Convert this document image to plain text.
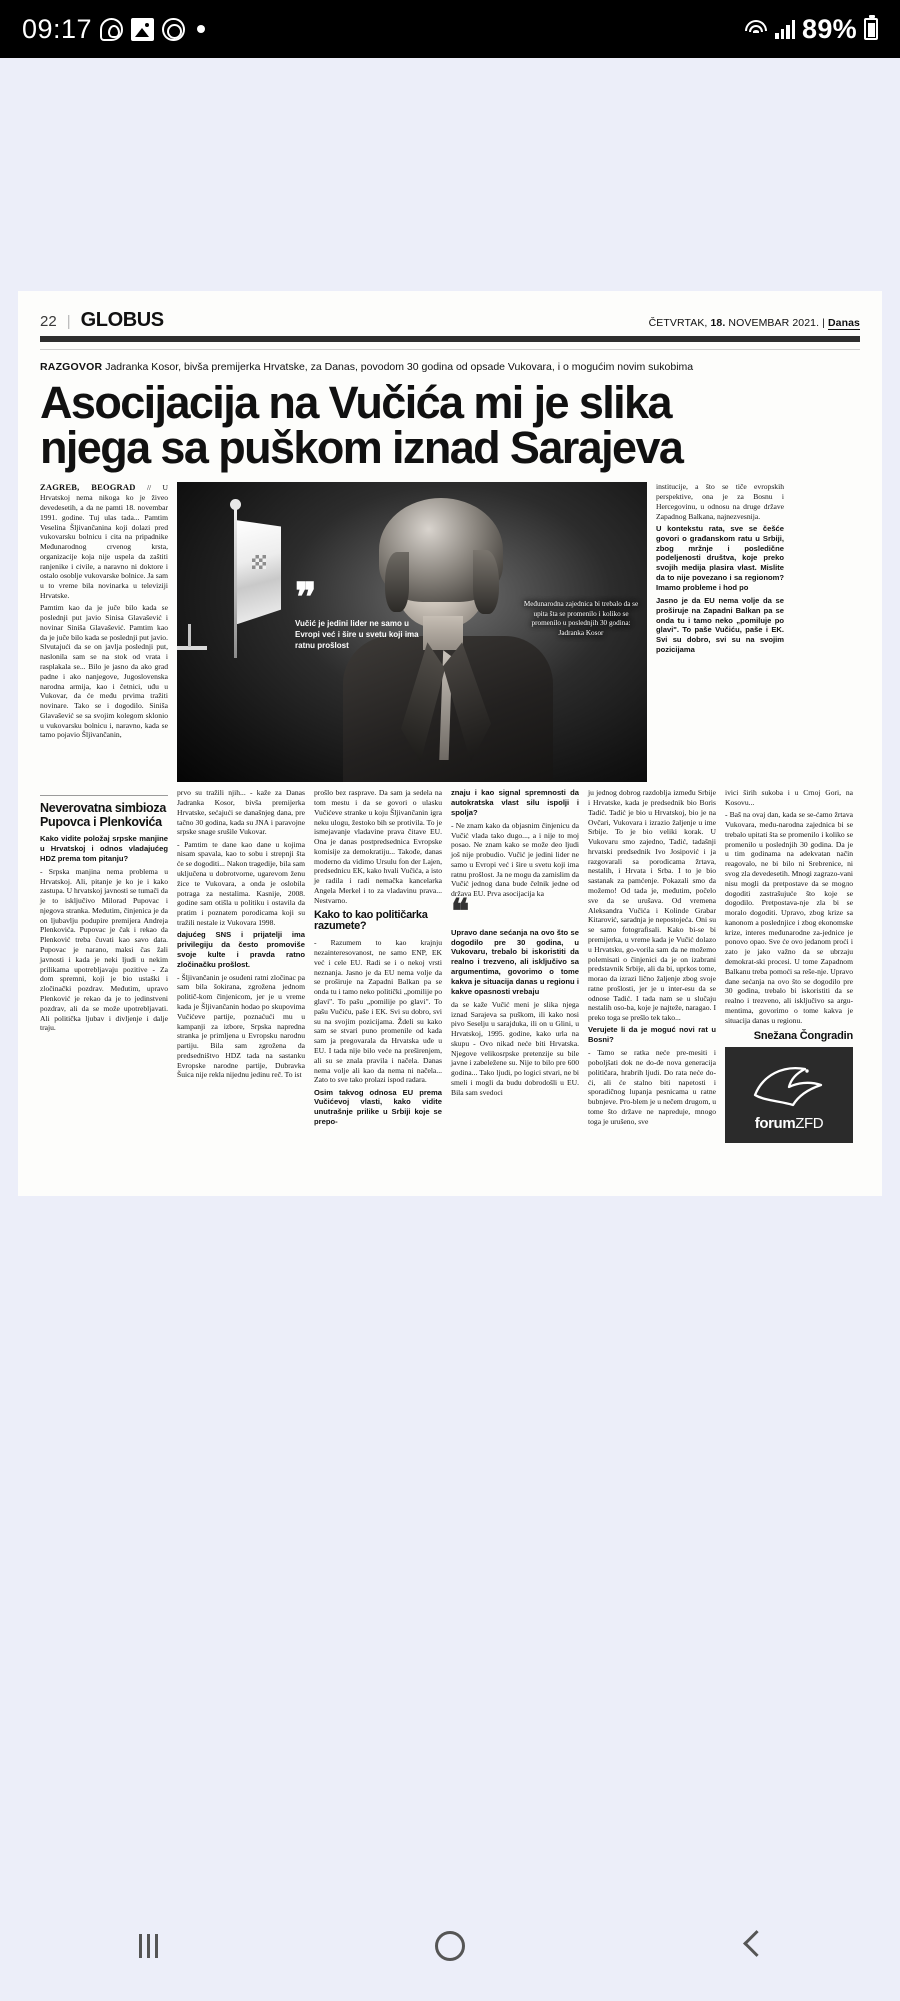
09:17	89%
22 | GLOBUS	ČETVRTAK, 18. NOVEMBAR 2021. | Danas
RAZGOVOR Jadranka Kosor, bivša premijerka Hrvatske, za Danas, povodom 30 godina od opsade Vukovara, i o mogućim novim sukobima
Asocijacija na Vučića mi je slika
njega sa puškom iznad Sarajeva

ZAGREB, BEOGRAD // U Hrvatskoj nema nikoga ko je živeo devedesetih, a da ne pamti 18. novembar 1991. godine. Tuj ulas tada... Pamtim Veselina Šljivančanina koji dolazi pred vukovarsku bolnicu i cita na pripadnike Međunarodnog crvenog krsta, organizacije koja nije uspela da zaštiti ranjenike i civile, a naravno ni doktore i ostalo osoblje vukovarske bolnice. Ja sam u to vreme bila novinarka u televiziji Hrvatske.

Pamtim kao da je juče bilo kada se poslednji put javio Sinisa Glavašević i novinar Siniša Glavašević. Pamtim kao da je juče bilo kada se poslednji put javio. Slvutajući da se on javlja poslednji put, naslonila sam se na stok od vrata i rasplakala se... Bilo je jasno da ako grad padne i ako nanjegove, Jugoslovenska narodna armija, kao i četnici, uđu u Vukovar, da će među prvima tražiti novinare. Tako se i dogodilo. Siniša Glavašević se sa svojim kolegom sklonio u vukovarsku bolnicu i, naravno, kada se tamo pojavio Šljivančanin,

❞
Vučić je jedini lider ne samo u Evropi već i šire u svetu koji ima ratnu prošlost
Međunarodna zajednica bi trebalo da se upita šta se promenilo i koliko se promenilo u poslednjih 30 godina: Jadranka Kosor

institucije, a što se tiče evropskih perspektive, ona je za Bosnu i Hercegovinu, u odnosu na druge države Zapadnog Balkana, najnezvesnija.

U kontekstu rata, sve se češće govori o građanskom ratu u Srbiji, zbog mržnje i posledične podeljenosti društva, koje preko svojih medija plasira vlast. Mislite da to nije povezano i sa regionom? Imamo probleme i hod po

Jasno je da EU nema volje da se proširuje na Zapadni Balkan pa se onda tu i tamo neko „pomiluje po glavi". To paše Vučiću, paše i EK. Svi su dobro, svi su na svojim pozicijama

Neverovatna simbioza Pupovca i Plenkovića

Kako vidite položaj srpske manjine u Hrvatskoj i odnos vladajućeg HDZ prema tom pitanju?

- Srpska manjina nema problema u Hrvatskoj. Ali, pitanje je ko je i kako zastupa. U hrvatskoj javnosti se tumači da je to isključivo Milorad Pupovac i njegova stranka. Međutim, činjenica je da on ljubavlju podupire premijera Andreja Plenkovića. Pupovac je čak i rekao da Plenković treba čuvati kao savo data. Pupovac je narano, maksi čas žali javnosti i kada je neki ljudi u nekim prilikama upotrebljavaju pozitive - Za dom spremni, koji je bio ustaški i zločinački pozdrav. Međutim, upravo Plenković je rekao da je to jedinstveni pozdrav, ali da se može upotrebljavati. Ali politička ljubav i divljenje i dalje traju.

prvo su tražili njih... - kaže za Danas Jadranka Kosor, bivša premijerka Hrvatske, sećajući se današnjeg dana, pre tačno 30 godina, kada su JNA i paravojne srpske snage srušile Vukovar.

- Pamtim te dane kao dane u kojima nisam spavala, kao to sobu i strepnji šta će se dogoditi... Nakon tragedije, bila sam uključena u dobrotvorne, ugarevom ženu žice te Vukovara, a onda je oslobila potraga za nestalima. Kasnije, 2008. godine sam otišla u politiku i ostavila da pratim i poznatem porodicama koji su tražili nestale iz Vukovara 1998.

dajućeg SNS i prijatelji ima privilegiju da često promoviše svoje kulte i pravda ratno zločinačku prošlost.

- Šljivančanin je osuđeni ratni zločinac pa sam bila šokirana, zgrožena jednom politič-kom činjenicom, jer je u vreme kada je Šljivančanin hodao po skupovima Vučićeve partije, poznaćući mu u kampanji za izbore, Srpska napredna stranka je primljena u Evropsku narodnu partiju. Bila sam zgrožena da predsedništvo HDZ tada na sastanku Evropske narodne partije, Dubravka Šuica nije rekla nijednu jedinu reč. To ist

prošlo bez rasprave. Da sam ja sedela na tom mestu i da se govori o ulasku Vučićeve stranke u koju Šljivančanin igra neku ulogu, žestoko bih se protivila. To je ismejavanje vladavine prava čitave EU. Ona je danas postpredsednica Evropske komisije za demokratiju... Takođe, danas moderno da vidimo Ursulu fon der Lajen, predsednicu EK, kako hvali Vučića, a isto je radila i radi nemačka kancelarka Angela Merkel i to za vladavinu prava... Nestvarno.

Kako to kao političarka razumete?

- Razumem to kao krajnju nezainteresovanost, ne samo ENP, EK već i cele EU. Radi se i o nekoj vrsti neznanja. Jasno je da EU nema volje da se proširuje na Zapadni Balkan pa se onda tu i tamo neko politički „pomilije po glavi". To pašu „pomilije po glavi". To pašu Vučiću, paše i EK. Svi su dobro, svi su na svojim pozicijama. Ždeli su kako sam se stvari puno promenile od kada sam ja pregovarala da Hrvatska uđe u EU. I tada nije bilo veće na preširenjem, ali su se znala pravila i načela. Danas nema volje ali kao da nema ni načela... Zato to sve tako prolazi ispod radara.

Osim takvog odnosa EU prema Vučićevoj vlasti, kako vidite unutrašnje prilike u Srbiji koje se prepo-

znaju i kao signal spremnosti da autokratska vlast silu ispolji i spolja?

- Ne znam kako da objasnim činjenicu da Vučić vlada tako dugo..., a i nije to moj posao. Ne znam kako se može deo ljudi još nije probudio. Vučić je jedini lider ne samo u Evropi već i šire u svetu koji ima ratnu prošlost. Ja ne mogu da zamislim da Vučić jednog dana bude čelnik jedne od država EU. Prva asocijacija ka

❝

Upravo dane sećanja na ovo što se dogodilo pre 30 godina, u Vukovaru, trebalo bi iskoristiti da realno i trezveno, ali isključivo sa argumentima, govorimo o tome kakva je situacija danas u regionu i kakve opasnosti vrebaju

da se kaže Vučić meni je slika njega iznad Sarajeva sa puškom, ili kako nosi pivo Seselju u sarajduka, ili on u Glini, u Hrvatskoj, 1995. godine, kako urla na skupu - Ovo nikad neće biti Hrvatska. Njegove velikosrpske pretenzije su bile javne i zabeležene su. Nije to bilo pre 600 godina... Tako ljudi, po logici stvari, ne bi smeli i mogli da budu dobrodošli u EU. Bila sam svedoci

ju jednog dobrog razdoblja između Srbije i Hrvatske, kada je predsednik bio Boris Tadić. Tadić je bio u Hrvatskoj, bio je na Ovčari, Vukovara i izrazio žaljenje u ime Srbije. To je bio veliki korak. U Vukovaru smo zajedno, Tadić, tadašnji hrvatski predsednik Ivo Josipović i ja razgovarali sa porodicama žrtava, nestalih, i Hrvata i Srba. I to je bio sastanak za pamćenje. Pokazali smo da možemo! Od tada je, međutim, počelo sve da se urušava. Od vremena Aleksandra Vučića i Kolinde Grabar Kitarović, saradnja je nepostojeća. Oni su se samo fotografisali. Kako bi-se bi premijerka, u vreme kada je Vučić dolazo u Hrvatsku, go-vorila sam da ne možemo polemisati o činjenici da je on izabrani predstavnik Srbije, ali da bi, uprkos tome, morao da izrazi lično žaljenje zbog svoje ratne prošlosti, jer je u inter-esu da se odnose Tadić. I tada nam se u slučaju nestalih oso-ba, koje je najteže, naragao. I preko toga se prešlo tek tako...

Verujete li da je moguć novi rat u Bosni?

- Tamo se ratka neće pre-mesiti i poboljšati dok ne do-đe nova generacija političara, hrabrih ljudi. Do rata neće do-ći, ali će stalno biti napetosti i sporadičnog lupanja pesnicama u ratne bubnjeve. Pro-blem je u nečem drugom, u tome što države ne napreduje, mnogo toga je urušeno, sve

ivici širih sukoba i u Crnoj Gori, na Kosovu...

- Baš na ovaj dan, kada se se-ćamo žrtava Vukovara, među-narodna zajednica bi se trebalo upitati šta se promenilo i koliko se promenilo u poslednjih 30 godina. Da je u tim godinama na adekvatan način reagovalo, ne bi bilo ni Srebrenice, ni svog zla devedesetih. Mnogi zagrazo-vani nisu mogli da pretpostave da se mogло dogoditi zastrašujuće što koje se dogodilo. Pretpostava-nje zla bi se moralo dogoditi. Upravo, zbog krize sa kanonom a poslednjice i zbog ekonomske krize, interes međunarodne za-jednice je ponovo opao. Sve će ovo jedаnom proći i zato je jako važno da se ubrzaju demokrat-ski procesi. U tome Zapadnom Balkanu treba pomoći sa reše-nje. Upravo dane sećanja na ovo što se dogodilo pre 30 godina, trebalo bi iskoristiti da se realno i trezveno, ali isključivo sa argu-mentima, govorimo o tome kakva je situacija danas u regionu.

Snežana Čongradin
forumZFD
